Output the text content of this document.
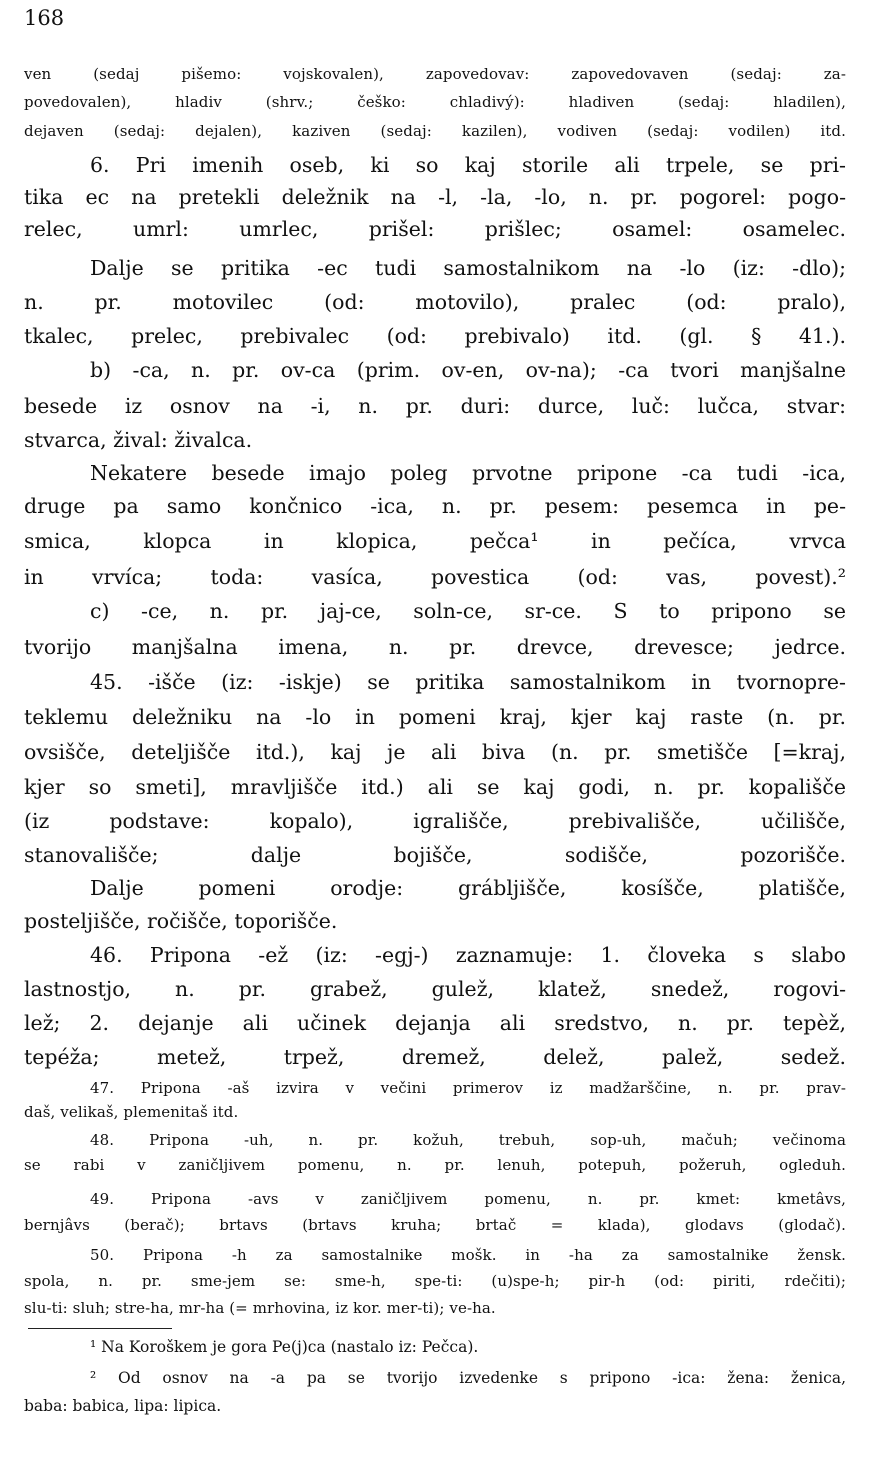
168
ven (sedaj pišemo: vojskovalen), zapovedovav: zapovedovaven (sedaj: za-
povedovalen), hladiv (shrv.; češko: chladivý): hladiven (sedaj: hladilen),
dejaven (sedaj: dejalen), kaziven (sedaj: kazilen), vodiven (sedaj: vodilen) itd.
6. Pri imenih oseb, ki so kaj storile ali trpele, se pri-
tika ec na pretekli deležnik na -l, -la, -lo, n. pr. pogorel: pogo-
relec, umrl: umrlec, prišel: prišlec; osamel: osamelec.
Dalje se pritika -ec tudi samostalnikom na -lo (iz: -dlo);
n. pr. motovilec (od: motovilo), pralec (od: pralo),
tkalec, prelec, prebivalec (od: prebivalo) itd. (gl. § 41.).
b) -ca, n. pr. ov-ca (prim. ov-en, ov-na); -ca tvori manjšalne
besede iz osnov na -i, n. pr. duri: durce, luč: lučca, stvar:
stvarca, žival: živalca.
Nekatere besede imajo poleg prvotne pripone -ca tudi -ica,
druge pa samo končnico -ica, n. pr. pesem: pesemca in pe-
smica, klopca in klopica, pečca¹ in pečíca, vrvca
in vrvíca; toda: vasíca, povestica (od: vas, povest).²
c) -ce, n. pr. jaj-ce, soln-ce, sr-ce. S to pripono se
tvorijo manjšalna imena, n. pr. drevce, drevesce; jedrce.
45. -išče (iz: -iskje) se pritika samostalnikom in tvornopre-
teklemu deležniku na -lo in pomeni kraj, kjer kaj raste (n. pr.
ovsišče, deteljišče itd.), kaj je ali biva (n. pr. smetišče [=kraj,
kjer so smeti], mravljišče itd.) ali se kaj godi, n. pr. kopališče
(iz podstave: kopalo), igrališče, prebivališče, učilišče,
stanovališče; dalje bojišče, sodišče, pozorišče.
Dalje pomeni orodje: grábljišče, kosíšče, platišče,
posteljišče, ročišče, toporišče.
46. Pripona -ež (iz: -egj-) zaznamuje: 1. človeka s slabo
lastnostjo, n. pr. grabež, gulež, klatež, snedež, rogovi-
lež; 2. dejanje ali učinek dejanja ali sredstvo, n. pr. tepèž,
tepéža; metež, trpež, dremež, delež, palež, sedež.
47. Pripona -aš izvira v večini primerov iz madžarščine, n. pr. prav-
daš, velikaš, plemenitaš itd.
48. Pripona -uh, n. pr. kožuh, trebuh, sop-uh, mačuh; večinoma
se rabi v zaničljivem pomenu, n. pr. lenuh, potepuh, požeruh, ogleduh.
49. Pripona -avs v zaničljivem pomenu, n. pr. kmet: kmetâvs,
bernjâvs (berač); brtavs (brtavs kruha; brtač = klada), glodavs (glodač).
50. Pripona -h za samostalnike mošk. in -ha za samostalnike žensk.
spola, n. pr. sme-jem se: sme-h, spe-ti: (u)spe-h; pir-h (od: piriti, rdečiti);
slu-ti: sluh; stre-ha, mr-ha (= mrhovina, iz kor. mer-ti); ve-ha.
¹ Na Koroškem je gora Pe(j)ca (nastalo iz: Pečca).
² Od osnov na -a pa se tvorijo izvedenke s pripono -ica: žena: ženica,
baba: babica, lipa: lipica.
